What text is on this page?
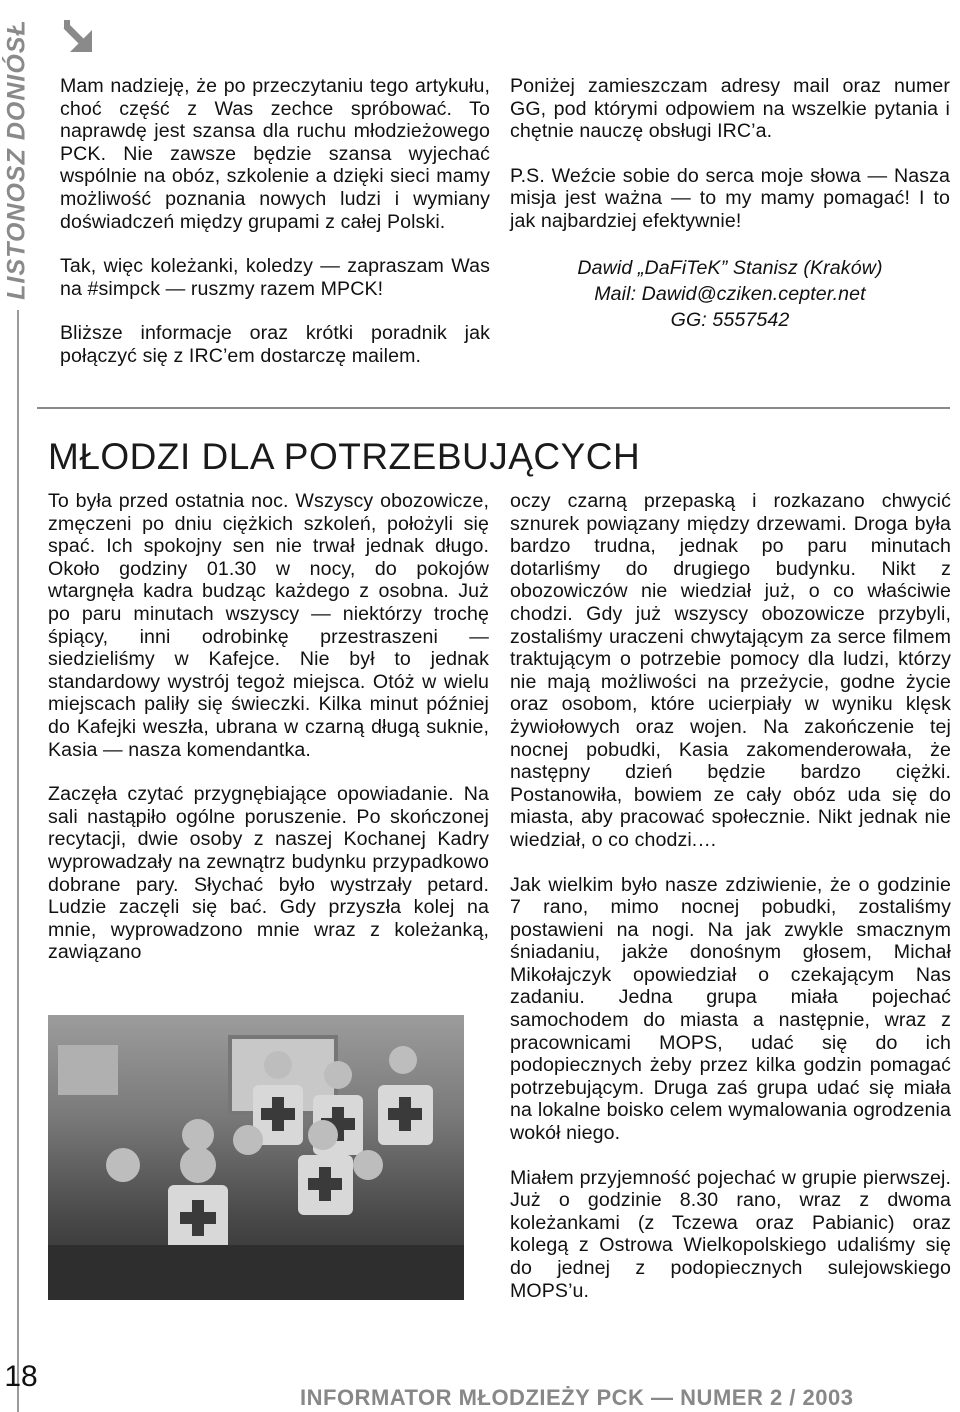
LISTONOSZ DONIÓSŁ
18

Mam nadzieję, że po przeczytaniu tego artykułu, choć część z Was zechce spróbować. To naprawdę jest szansa dla ruchu młodzieżowego PCK. Nie zawsze będzie szansa wyjechać wspólnie na obóz, szkolenie a dzięki sieci mamy możliwość poznania nowych ludzi i wymiany doświadczeń między grupami z całej Polski.

Tak, więc koleżanki, koledzy — zapraszam Was na #simpck — ruszmy razem MPCK!

Bliższe informacje oraz krótki poradnik jak połączyć się z IRC’em dostarczę mailem.

Poniżej zamieszczam adresy mail oraz numer GG, pod którymi odpowiem na wszelkie pytania i chętnie nauczę obsługi IRC’a.

P.S. Weźcie sobie do serca moje słowa — Nasza misja jest ważna — to my mamy pomagać! I to jak najbardziej efektywnie!

Dawid „DaFiTeK” Stanisz (Kraków)
Mail: Dawid@cziken.cepter.net
GG: 5557542
MŁODZI DLA POTRZEBUJĄCYCH

To była przed ostatnia noc. Wszyscy obozowicze, zmęczeni po dniu ciężkich szkoleń, położyli się spać. Ich spokojny sen nie trwał jednak długo. Około godziny 01.30 w nocy, do pokojów wtargnęła kadra budząc każdego z osobna. Już po paru minutach wszyscy — niektórzy trochę śpiący, inni odrobinkę przestraszeni — siedzieliśmy w Kafejce. Nie był to jednak standardowy wystrój tegoż miejsca. Otóż w wielu miejscach paliły się świeczki. Kilka minut później do Kafejki weszła, ubrana w czarną długą suknie, Kasia — nasza komendantka.

Zaczęła czytać przygnębiające opowiadanie. Na sali nastąpiło ogólne poruszenie. Po skończonej recytacji, dwie osoby z naszej Kochanej Kadry wyprowadzały na zewnątrz budynku przypadkowo dobrane pary. Słychać było wystrzały petard. Ludzie zaczęli się bać. Gdy przyszła kolej na mnie, wyprowadzono mnie wraz z koleżanką, zawiązano

oczy czarną przepaską i rozkazano chwycić sznurek powiązany między drzewami. Droga była bardzo trudna, jednak po paru minutach dotarliśmy do drugiego budynku. Nikt z obozowiczów nie wiedział już, o co właściwie chodzi. Gdy już wszyscy obozowicze przybyli, zostaliśmy uraczeni chwytającym za serce filmem traktującym o potrzebie pomocy dla ludzi, którzy nie mają możliwości na przeżycie, godne życie oraz osobom, które ucierpiały w wyniku klęsk żywiołowych oraz wojen. Na zakończenie tej nocnej pobudki, Kasia zakomenderowała, że następny dzień będzie bardzo ciężki. Postanowiła, bowiem ze cały obóz uda się do miasta, aby pracować społecznie. Nikt jednak nie wiedział, o co chodzi.…

Jak wielkim było nasze zdziwienie, że o godzinie 7 rano, mimo nocnej pobudki, zostaliśmy postawieni na nogi. Na jak zwykle smacznym śniadaniu, jakże donośnym głosem, Michał Mikołajczyk opowiedział o czekającym Nas zadaniu. Jedna grupa miała pojechać samochodem do miasta a następnie, wraz z pracownicami MOPS, udać się do ich podopiecznych żeby przez kilka godzin pomagać potrzebującym. Druga zaś grupa udać się miała na lokalne boisko celem wymalowania ogrodzenia wokół niego.

Miałem przyjemność pojechać w grupie pierwszej. Już o godzinie 8.30 rano, wraz z dwoma koleżankami (z Tczewa oraz Pabianic) oraz kolegą z Ostrowa Wielkopolskiego udaliśmy się do jednej z podopiecznych sulejowskiego MOPS’u.

INFORMATOR MŁODZIEŻY PCK — NUMER 2 / 2003
